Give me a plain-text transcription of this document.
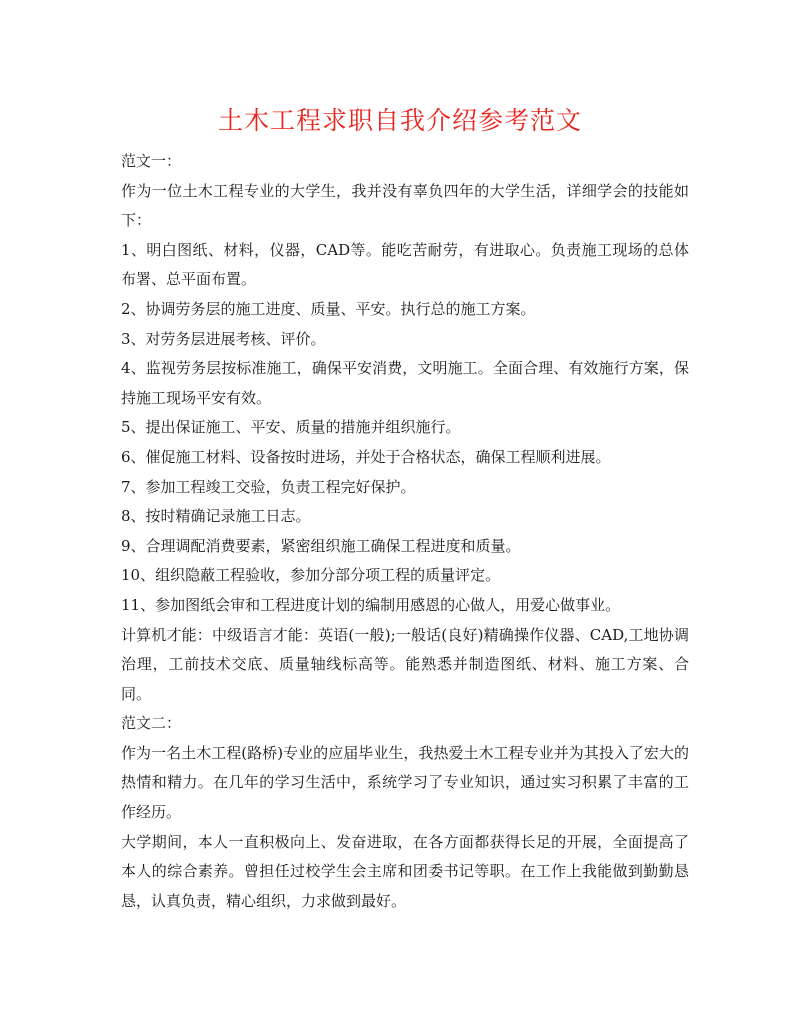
土木工程求职自我介绍参考范文

范文一：

作为一位土木工程专业的大学生，我并没有辜负四年的大学生活，详细学会的技能如下：

1、明白图纸、材料，仪器，CAD等。能吃苦耐劳，有进取心。负责施工现场的总体布署、总平面布置。

2、协调劳务层的施工进度、质量、平安。执行总的施工方案。

3、对劳务层进展考核、评价。

4、监视劳务层按标准施工，确保平安消费，文明施工。全面合理、有效施行方案，保持施工现场平安有效。

5、提出保证施工、平安、质量的措施并组织施行。

6、催促施工材料、设备按时进场，并处于合格状态，确保工程顺利进展。

7、参加工程竣工交验，负责工程完好保护。

8、按时精确记录施工日志。

9、合理调配消费要素，紧密组织施工确保工程进度和质量。

10、组织隐蔽工程验收，参加分部分项工程的质量评定。

11、参加图纸会审和工程进度计划的编制用感恩的心做人，用爱心做事业。

计算机才能：中级语言才能：英语(一般);一般话(良好)精确操作仪器、CAD,工地协调治理，工前技术交底、质量轴线标高等。能熟悉并制造图纸、材料、施工方案、合同。

范文二：

作为一名土木工程(路桥)专业的应届毕业生，我热爱土木工程专业并为其投入了宏大的热情和精力。在几年的学习生活中，系统学习了专业知识，通过实习积累了丰富的工作经历。

大学期间，本人一直积极向上、发奋进取，在各方面都获得长足的开展，全面提高了本人的综合素养。曾担任过校学生会主席和团委书记等职。在工作上我能做到勤勤恳恳，认真负责，精心组织，力求做到最好。
